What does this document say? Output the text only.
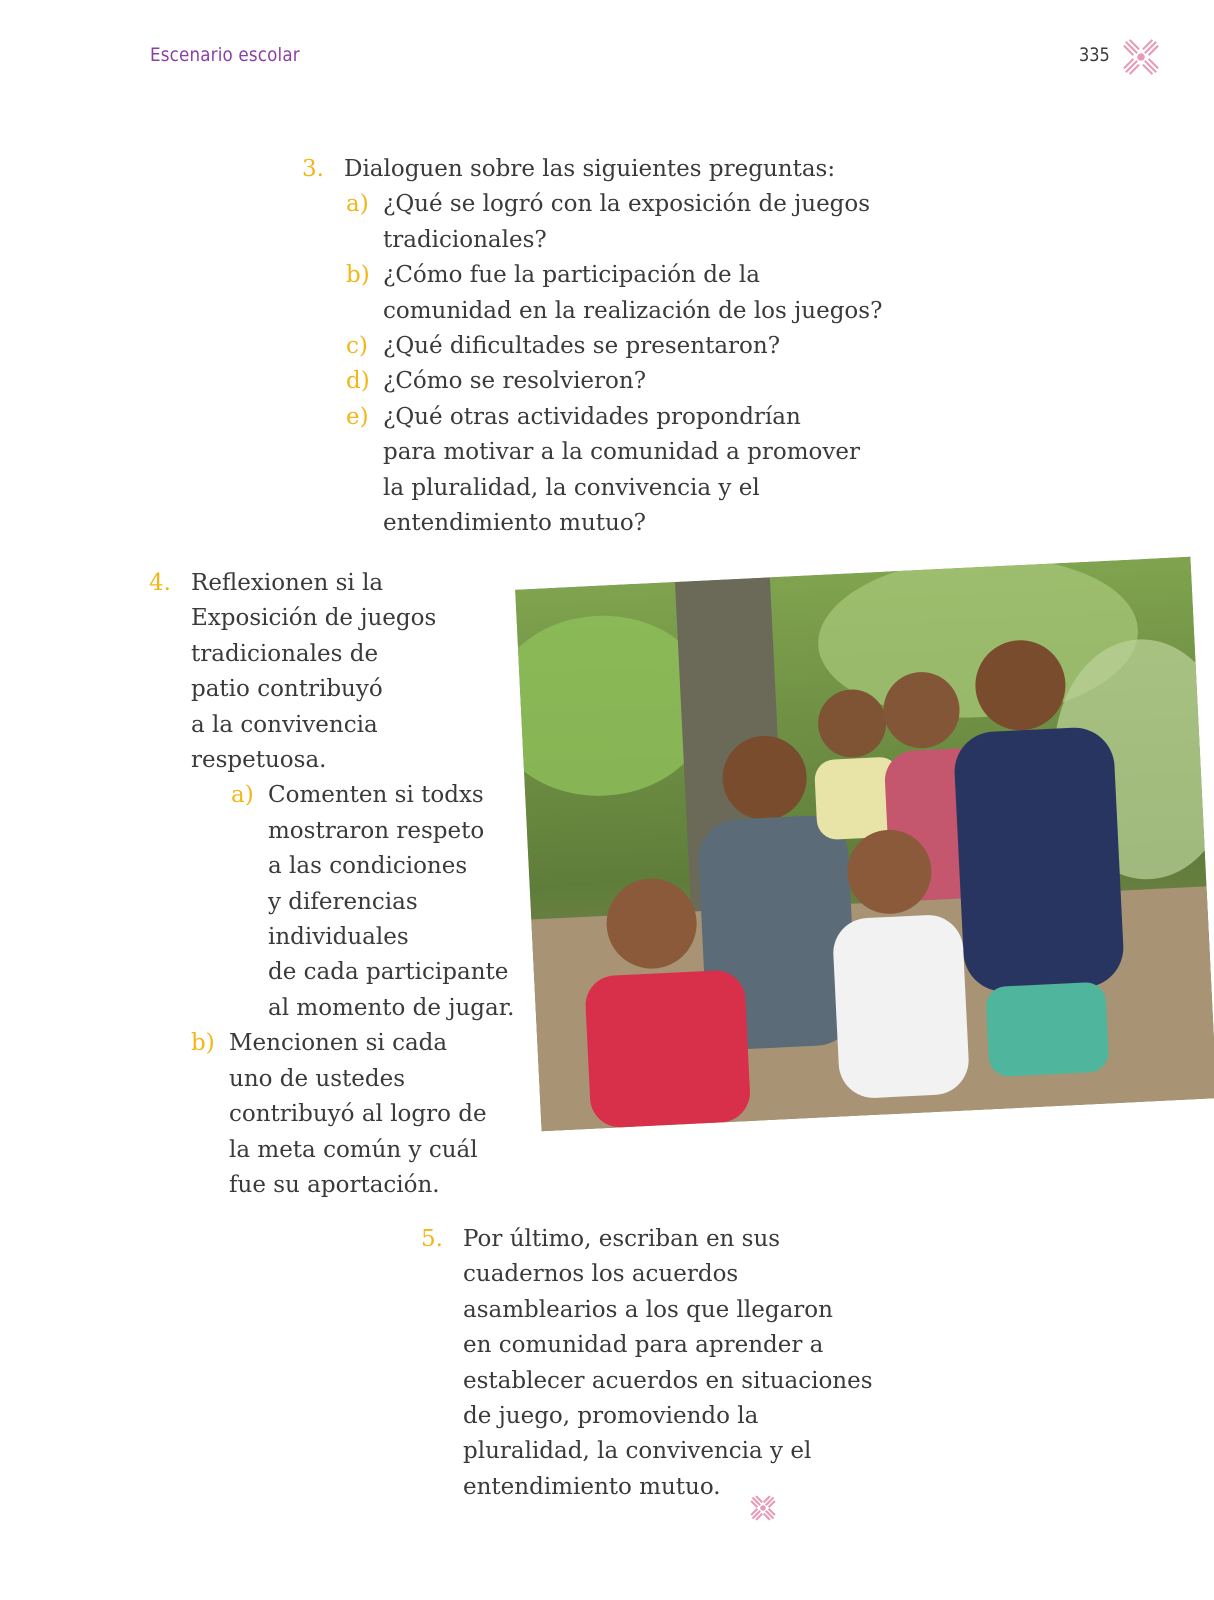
Escenario escolar	335
3. Dialoguen sobre las siguientes preguntas:
a) ¿Qué se logró con la exposición de juegos
tradicionales?
b) ¿Cómo fue la participación de la
comunidad en la realización de los juegos?
c) ¿Qué dificultades se presentaron?
d) ¿Cómo se resolvieron?
e) ¿Qué otras actividades propondrían
para motivar a la comunidad a promover
la pluralidad, la convivencia y el
entendimiento mutuo?
4. Reflexionen si la
Exposición de juegos
tradicionales de
patio contribuyó
a la convivencia
respetuosa.
a) Comenten si todxs
mostraron respeto
a las condiciones
y diferencias
individuales
de cada participante
al momento de jugar.
b) Mencionen si cada
uno de ustedes
contribuyó al logro de
la meta común y cuál
fue su aportación.
5. Por último, escriban en sus
cuadernos los acuerdos
asamblearios a los que llegaron
en comunidad para aprender a
establecer acuerdos en situaciones
de juego, promoviendo la
pluralidad, la convivencia y el
entendimiento mutuo.
